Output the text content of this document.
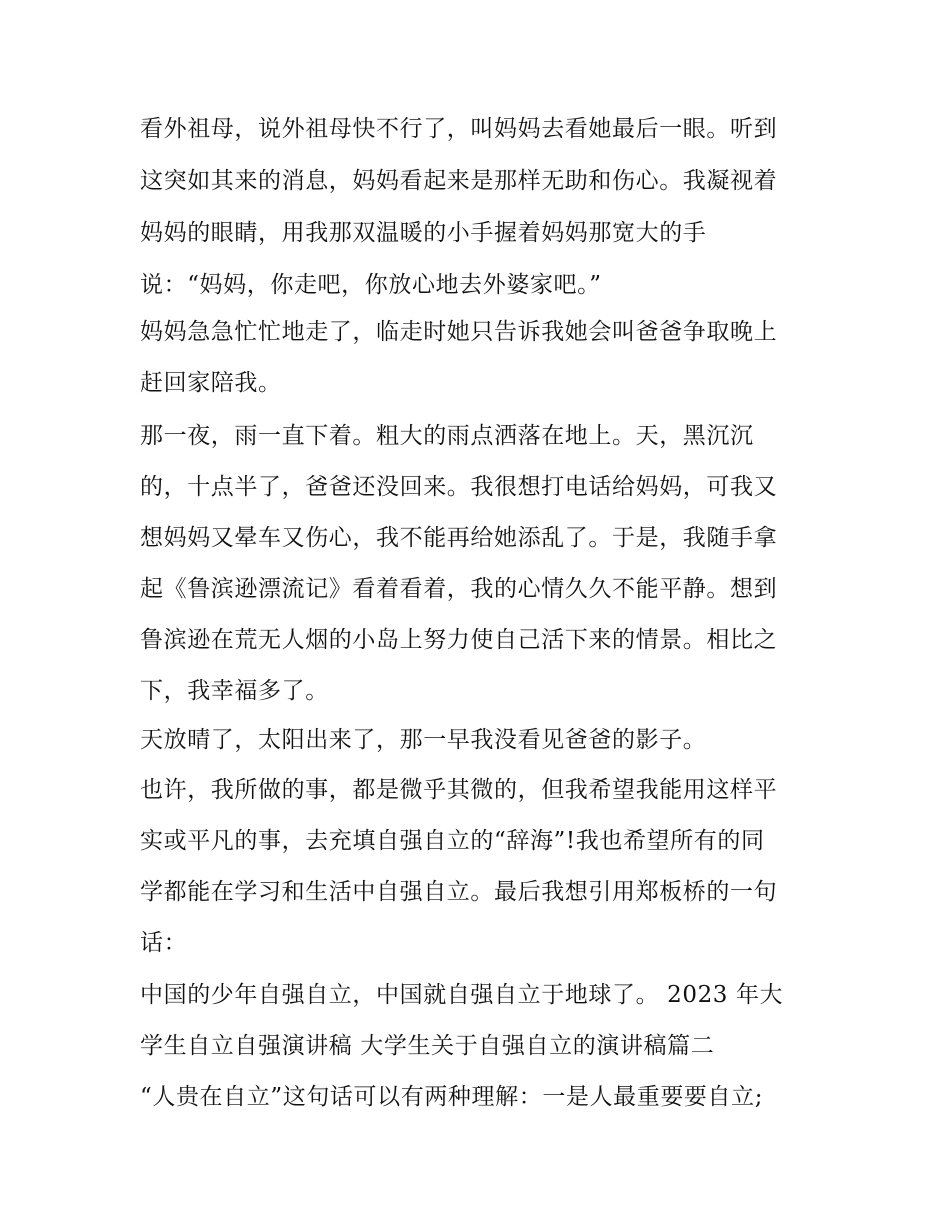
看外祖母，说外祖母快不行了，叫妈妈去看她最后一眼。听到
这突如其来的消息，妈妈看起来是那样无助和伤心。我凝视着
妈妈的眼睛，用我那双温暖的小手握着妈妈那宽大的手
说：“妈妈，你走吧，你放心地去外婆家吧。”
妈妈急急忙忙地走了，临走时她只告诉我她会叫爸爸争取晚上
赶回家陪我。
那一夜，雨一直下着。粗大的雨点洒落在地上。天，黑沉沉
的，十点半了，爸爸还没回来。我很想打电话给妈妈，可我又
想妈妈又晕车又伤心，我不能再给她添乱了。于是，我随手拿
起《鲁滨逊漂流记》看着看着，我的心情久久不能平静。想到
鲁滨逊在荒无人烟的小岛上努力使自己活下来的情景。相比之
下，我幸福多了。
天放晴了，太阳出来了，那一早我没看见爸爸的影子。
也许，我所做的事，都是微乎其微的，但我希望我能用这样平
实或平凡的事，去充填自强自立的“辞海”!我也希望所有的同
学都能在学习和生活中自强自立。最后我想引用郑板桥的一句
话：
中国的少年自强自立，中国就自强自立于地球了。 2023 年大
学生自立自强演讲稿 大学生关于自强自立的演讲稿篇二
“人贵在自立”这句话可以有两种理解：一是人最重要要自立;
